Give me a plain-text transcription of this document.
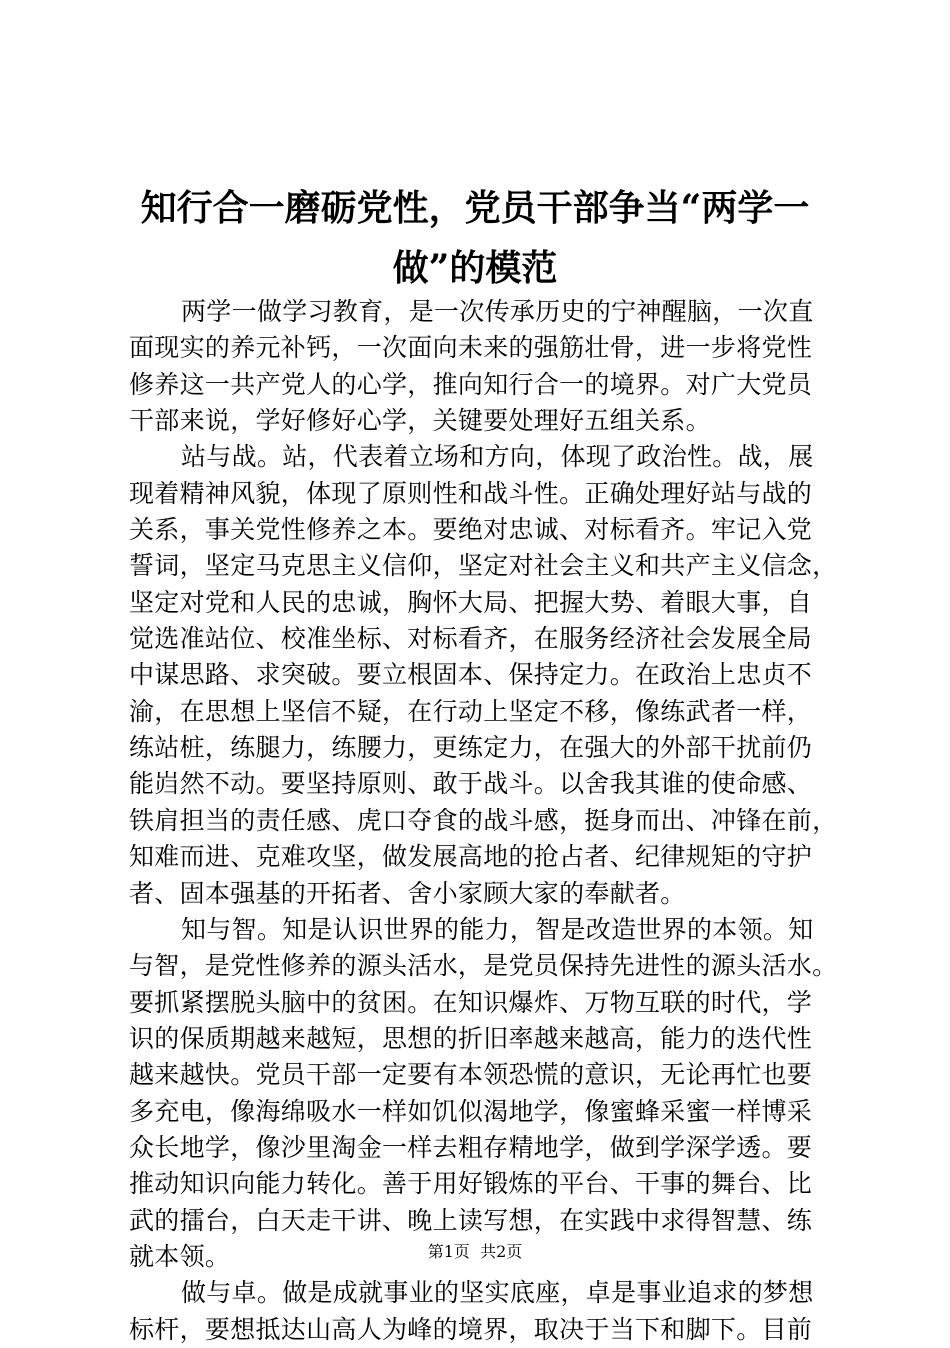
知行合一磨砺党性，党员干部争当“两学一
做”的模范
两学一做学习教育，是一次传承历史的宁神醒脑，一次直
面现实的养元补钙，一次面向未来的强筋壮骨，进一步将党性
修养这一共产党人的心学，推向知行合一的境界。对广大党员
干部来说，学好修好心学，关键要处理好五组关系。
站与战。站，代表着立场和方向，体现了政治性。战，展
现着精神风貌，体现了原则性和战斗性。正确处理好站与战的
关系，事关党性修养之本。要绝对忠诚、对标看齐。牢记入党
誓词，坚定马克思主义信仰，坚定对社会主义和共产主义信念，
坚定对党和人民的忠诚，胸怀大局、把握大势、着眼大事，自
觉选准站位、校准坐标、对标看齐，在服务经济社会发展全局
中谋思路、求突破。要立根固本、保持定力。在政治上忠贞不
渝，在思想上坚信不疑，在行动上坚定不移，像练武者一样，
练站桩，练腿力，练腰力，更练定力，在强大的外部干扰前仍
能岿然不动。要坚持原则、敢于战斗。以舍我其谁的使命感、
铁肩担当的责任感、虎口夺食的战斗感，挺身而出、冲锋在前，
知难而进、克难攻坚，做发展高地的抢占者、纪律规矩的守护
者、固本强基的开拓者、舍小家顾大家的奉献者。
知与智。知是认识世界的能力，智是改造世界的本领。知
与智，是党性修养的源头活水，是党员保持先进性的源头活水。
要抓紧摆脱头脑中的贫困。在知识爆炸、万物互联的时代，学
识的保质期越来越短，思想的折旧率越来越高，能力的迭代性
越来越快。党员干部一定要有本领恐慌的意识，无论再忙也要
多充电，像海绵吸水一样如饥似渴地学，像蜜蜂采蜜一样博采
众长地学，像沙里淘金一样去粗存精地学，做到学深学透。要
推动知识向能力转化。善于用好锻炼的平台、干事的舞台、比
武的擂台，白天走干讲、晚上读写想，在实践中求得智慧、练
就本领。
做与卓。做是成就事业的坚实底座，卓是事业追求的梦想
标杆，要想抵达山高人为峰的境界，取决于当下和脚下。目前
第1页  共2页
